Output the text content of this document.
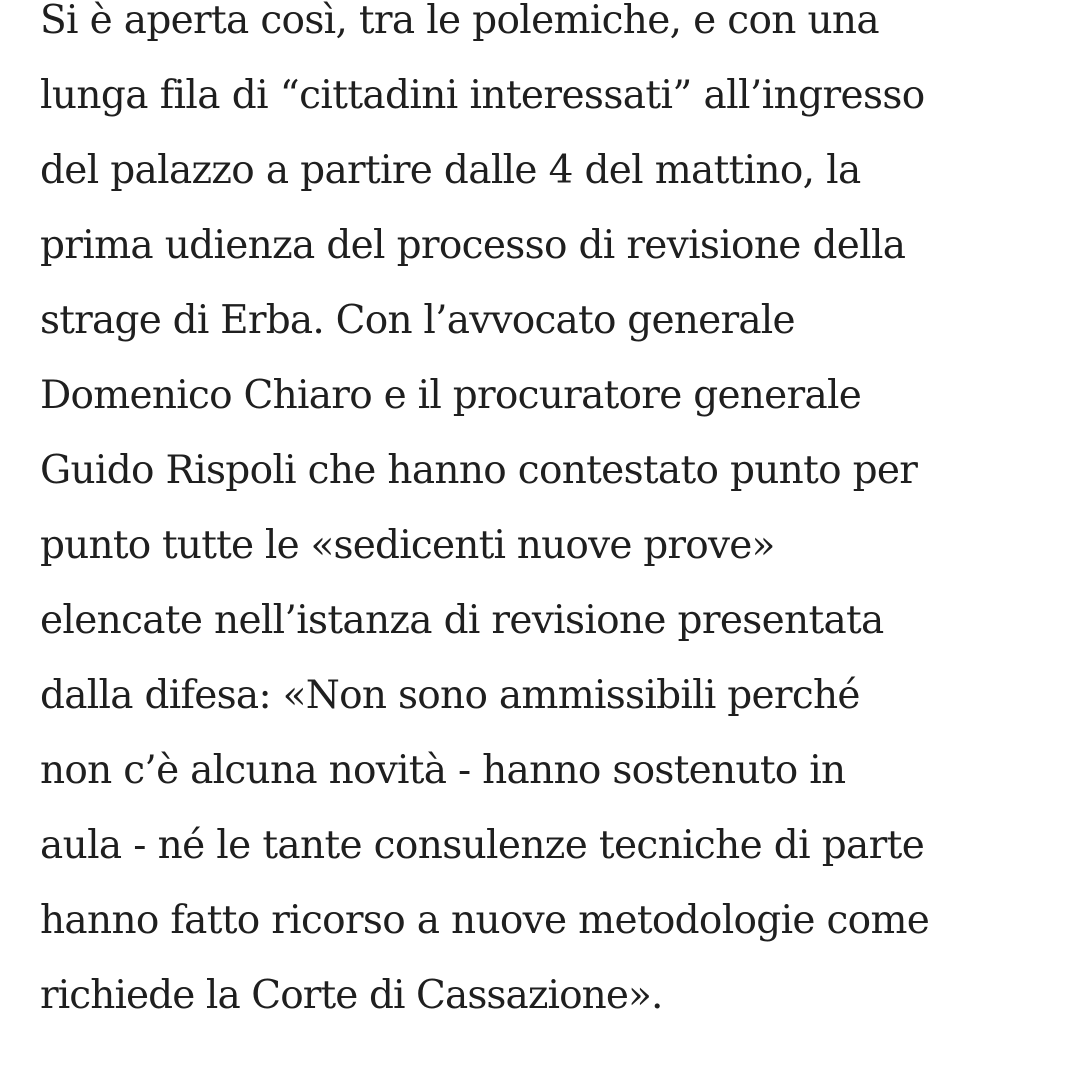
Si è aperta così, tra le polemiche, e con una
lunga fila di “cittadini interessati” all’ingresso
del palazzo a partire dalle 4 del mattino, la
prima udienza del processo di revisione della
strage di Erba. Con l’avvocato generale
Domenico Chiaro e il procuratore generale
Guido Rispoli che hanno contestato punto per
punto tutte le «sedicenti nuove prove»
elencate nell’istanza di revisione presentata
dalla difesa: «Non sono ammissibili perché
non c’è alcuna novità - hanno sostenuto in
aula - né le tante consulenze tecniche di parte
hanno fatto ricorso a nuove metodologie come
richiede la Corte di Cassazione».
